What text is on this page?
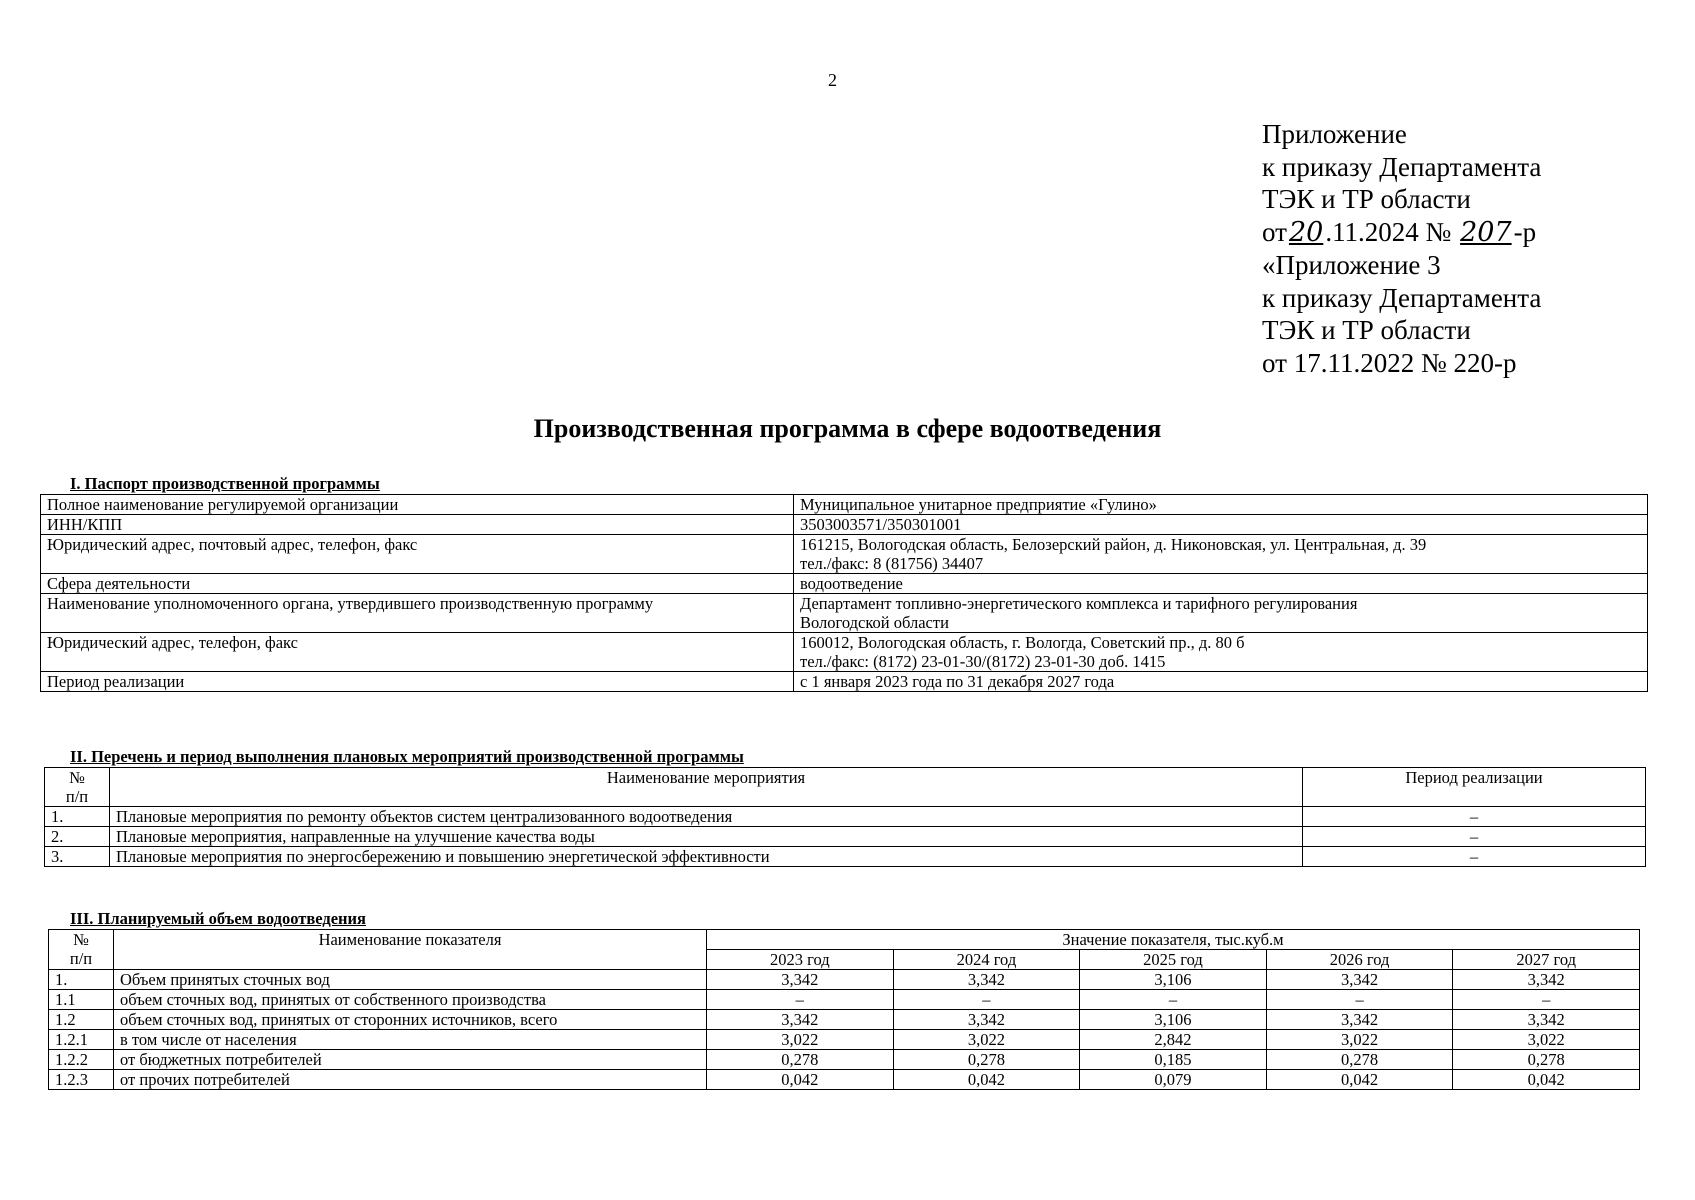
2
Приложение
к приказу Департамента
ТЭК и ТР области
от20.11.2024 № 207-р
«Приложение 3
к приказу Департамента
ТЭК и ТР области
от 17.11.2022 № 220-р
Производственная программа в сфере водоотведения
I. Паспорт производственной программы
Полное наименование регулируемой организации	Муниципальное унитарное предприятие «Гулино»

ИНН/КПП	3503003571/350301001

Юридический адрес, почтовый адрес, телефон, факс	161215, Вологодская область, Белозерский район, д. Никоновская, ул. Центральная, д. 39
тел./факс: 8 (81756) 34407

Сфера деятельности	водоотведение

Наименование уполномоченного органа, утвердившего производственную программу	Департамент топливно-энергетического комплекса и тарифного регулирования
Вологодской области

Юридический адрес, телефон, факс	160012, Вологодская область, г. Вологда, Советский пр., д. 80 б
тел./факс: (8172) 23-01-30/(8172) 23-01-30 доб. 1415

Период реализации	с 1 января 2023 года по 31 декабря 2027 года
II. Перечень и период выполнения плановых мероприятий производственной программы
№
п/п	Наименование мероприятия	Период реализации
1.	Плановые мероприятия по ремонту объектов систем централизованного водоотведения	–
2.	Плановые мероприятия, направленные на улучшение качества воды	–
3.	Плановые мероприятия по энергосбережению и повышению энергетической эффективности	–
III. Планируемый объем водоотведения
№
п/п	Наименование показателя	Значение показателя, тыс.куб.м				
		2023 год	2024 год	2025 год	2026 год	2027 год
1.	Объем принятых сточных вод	3,342	3,342	3,106	3,342	3,342
1.1	объем сточных вод, принятых от собственного производства	–	–	–	–	–
1.2	объем сточных вод, принятых от сторонних источников, всего	3,342	3,342	3,106	3,342	3,342
1.2.1	в том числе от населения	3,022	3,022	2,842	3,022	3,022
1.2.2	от бюджетных потребителей	0,278	0,278	0,185	0,278	0,278
1.2.3	от прочих потребителей	0,042	0,042	0,079	0,042	0,042
